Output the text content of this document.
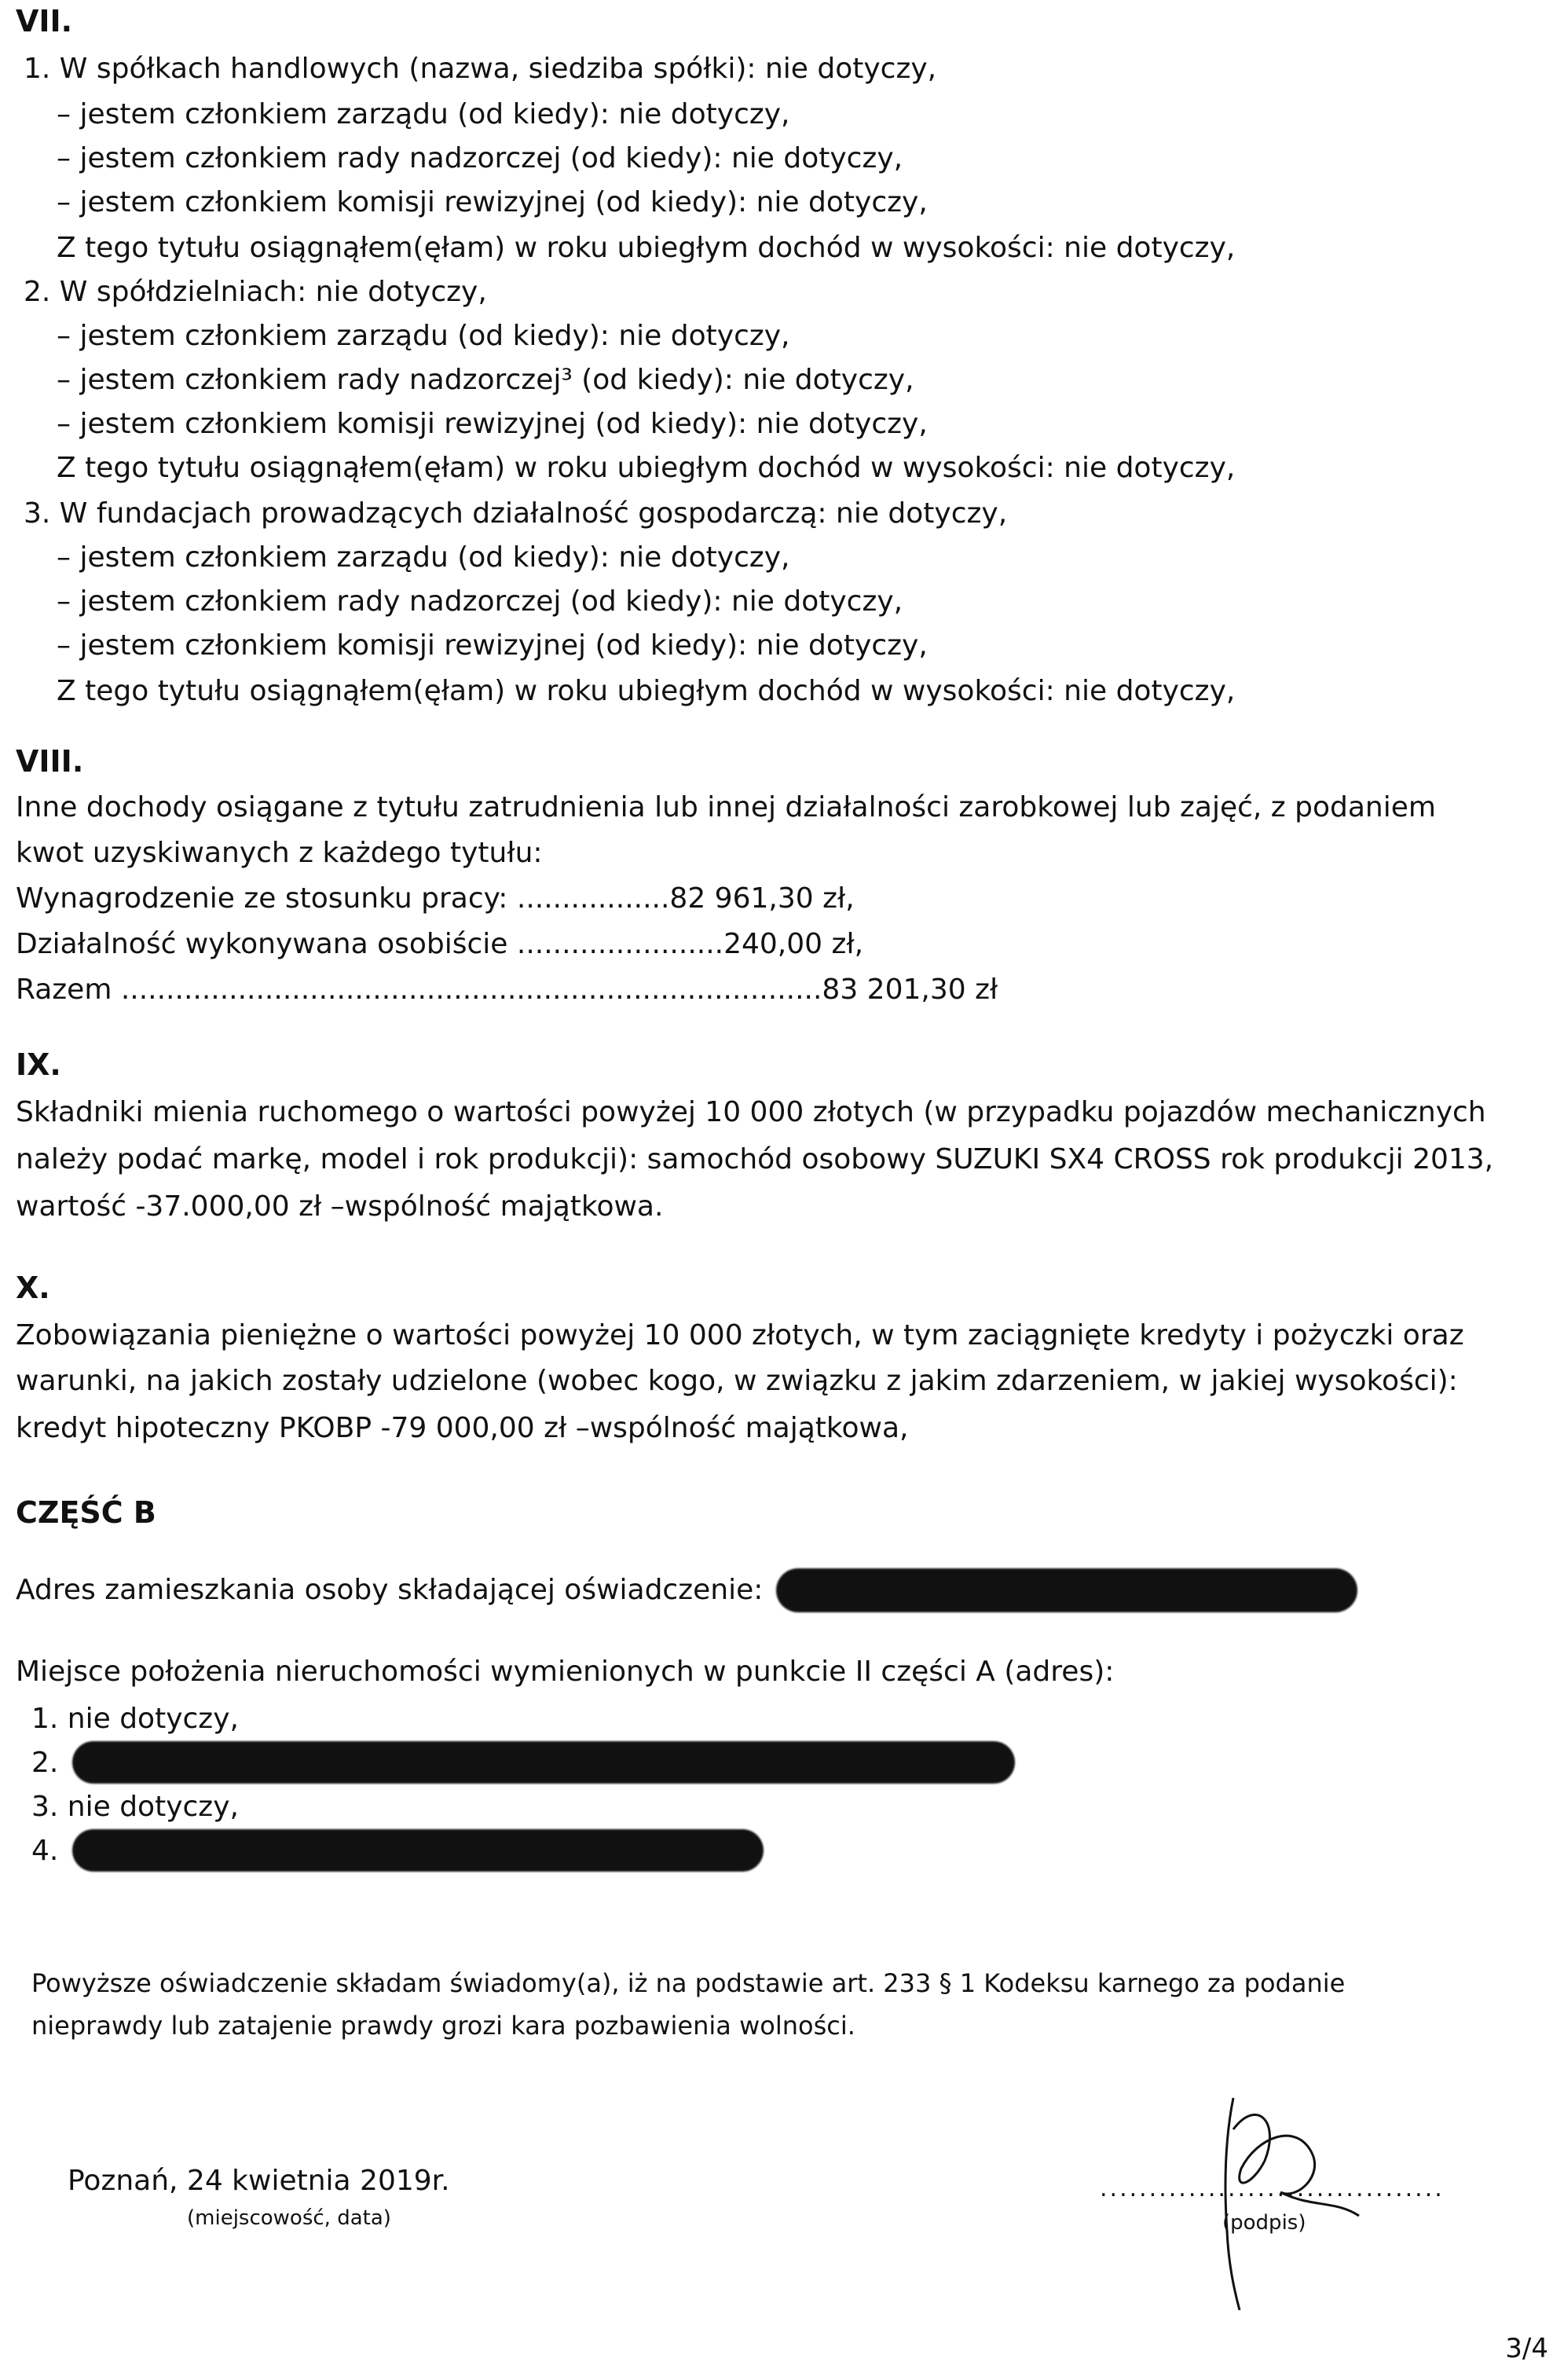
VII.
1. W spółkach handlowych (nazwa, siedziba spółki): nie dotyczy,
– jestem członkiem zarządu (od kiedy): nie dotyczy,
– jestem członkiem rady nadzorczej (od kiedy): nie dotyczy,
– jestem członkiem komisji rewizyjnej (od kiedy): nie dotyczy,
Z tego tytułu osiągnąłem(ęłam) w roku ubiegłym dochód w wysokości: nie dotyczy,
2. W spółdzielniach: nie dotyczy,
– jestem członkiem zarządu (od kiedy): nie dotyczy,
– jestem członkiem rady nadzorczej³ (od kiedy): nie dotyczy,
– jestem członkiem komisji rewizyjnej (od kiedy): nie dotyczy,
Z tego tytułu osiągnąłem(ęłam) w roku ubiegłym dochód w wysokości: nie dotyczy,
3. W fundacjach prowadzących działalność gospodarczą: nie dotyczy,
– jestem członkiem zarządu (od kiedy): nie dotyczy,
– jestem członkiem rady nadzorczej (od kiedy): nie dotyczy,
– jestem członkiem komisji rewizyjnej (od kiedy): nie dotyczy,
Z tego tytułu osiągnąłem(ęłam) w roku ubiegłym dochód w wysokości: nie dotyczy,
VIII.
Inne dochody osiągane z tytułu zatrudnienia lub innej działalności zarobkowej lub zajęć, z podaniem
kwot uzyskiwanych z każdego tytułu:
Wynagrodzenie ze stosunku pracy: .................82 961,30 zł,
Działalność wykonywana osobiście .......................240,00 zł,
Razem ..............................................................................83 201,30 zł
IX.
Składniki mienia ruchomego o wartości powyżej 10 000 złotych (w przypadku pojazdów mechanicznych
należy podać markę, model i rok produkcji): samochód osobowy SUZUKI SX4 CROSS rok produkcji 2013,
wartość -37.000,00 zł –wspólność majątkowa.
X.
Zobowiązania pieniężne o wartości powyżej 10 000 złotych, w tym zaciągnięte kredyty i pożyczki oraz
warunki, na jakich zostały udzielone (wobec kogo, w związku z jakim zdarzeniem, w jakiej wysokości):
kredyt hipoteczny PKOBP -79 000,00 zł –wspólność majątkowa,
CZĘŚĆ B
Adres zamieszkania osoby składającej oświadczenie:
Miejsce położenia nieruchomości wymienionych w punkcie II części A (adres):
1. nie dotyczy,
2.
3. nie dotyczy,
4.
Powyższe oświadczenie składam świadomy(a), iż na podstawie art. 233 § 1 Kodeksu karnego za podanie
nieprawdy lub zatajenie prawdy grozi kara pozbawienia wolności.
Poznań, 24 kwietnia 2019r.
(miejscowość, data)
...................................
(podpis)
3/4
